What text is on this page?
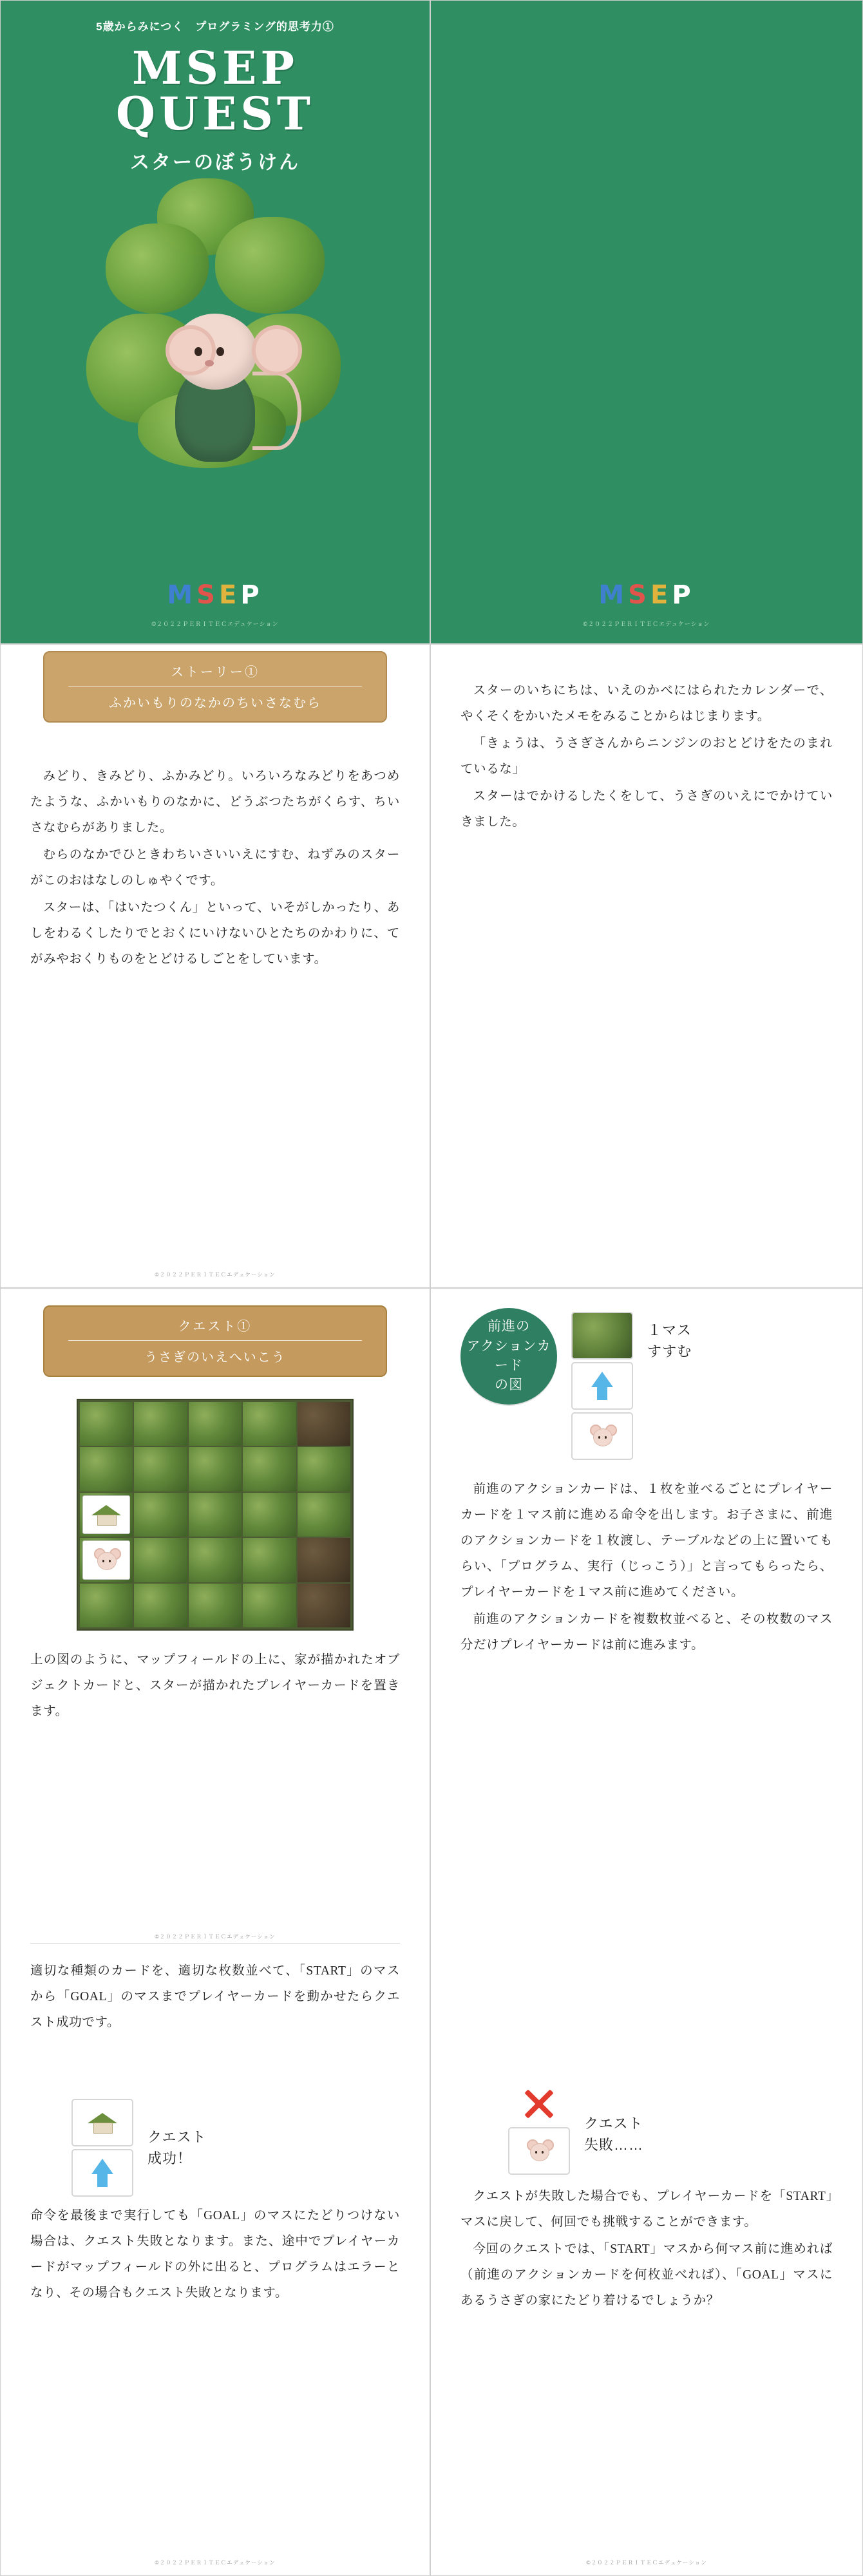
5歳からみにつく　プログラミング的思考力①
MSEP
QUEST
スターのぼうけん
MSEP
©２０２２ＰＥＲＩＴＥＣエデュケーション
MSEP
©２０２２ＰＥＲＩＴＥＣエデュケーション
ストーリー①
ふかいもりのなかのちいさなむら

みどり、きみどり、ふかみどり。いろいろなみどりをあつめたような、ふかいもりのなかに、どうぶつたちがくらす、ちいさなむらがありました。

むらのなかでひときわちいさいいえにすむ、ねずみのスターがこのおはなしのしゅやくです。

スターは、「はいたつくん」といって、いそがしかったり、あしをわるくしたりでとおくにいけないひとたちのかわりに、てがみやおくりものをとどけるしごとをしています。

©２０２２ＰＥＲＩＴＥＣエデュケーション

スターのいちにちは、いえのかべにはられたカレンダーで、やくそくをかいたメモをみることからはじまります。

「きょうは、うさぎさんからニンジンのおとどけをたのまれているな」

スターはでかけるしたくをして、うさぎのいえにでかけていきました。

クエスト①
うさぎのいえへいこう

上の図のように、マップフィールドの上に、家が描かれたオブジェクトカードと、スターが描かれたプレイヤーカードを置きます。

©２０２２ＰＥＲＩＴＥＣエデュケーション

適切な種類のカードを、適切な枚数並べて、「START」のマスから「GOAL」のマスまでプレイヤーカードを動かせたらクエスト成功です。

クエスト
成功！

命令を最後まで実行しても「GOAL」のマスにたどりつけない場合は、クエスト失敗となります。また、途中でプレイヤーカードがマップフィールドの外に出ると、プログラムはエラーとなり、その場合もクエスト失敗となります。

©２０２２ＰＥＲＩＴＥＣエデュケーション
前進の
アクションカード
の図
１マス
すすむ

前進のアクションカードは、１枚を並べるごとにプレイヤーカードを１マス前に進める命令を出します。お子さまに、前進のアクションカードを１枚渡し、テーブルなどの上に置いてもらい、「プログラム、実行（じっこう）」と言ってもらったら、プレイヤーカードを１マス前に進めてください。

前進のアクションカードを複数枚並べると、その枚数のマス分だけプレイヤーカードは前に進みます。

クエスト
失敗……

クエストが失敗した場合でも、プレイヤーカードを「START」マスに戻して、何回でも挑戦することができます。

今回のクエストでは、「START」マスから何マス前に進めれば（前進のアクションカードを何枚並べれば）、「GOAL」マスにあるうさぎの家にたどり着けるでしょうか？

©２０２２ＰＥＲＩＴＥＣエデュケーション
